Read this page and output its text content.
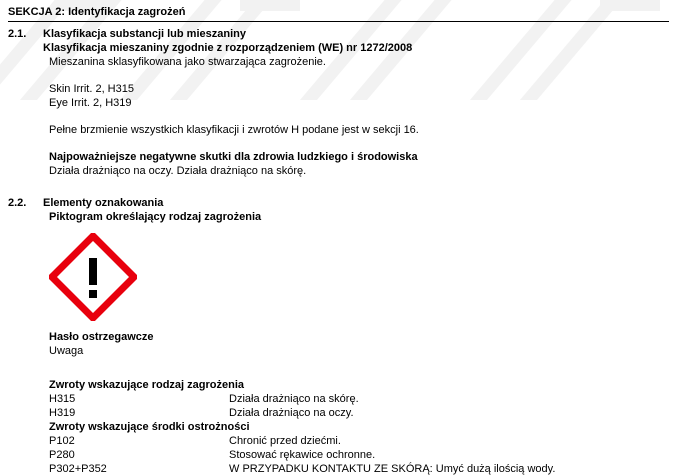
SEKCJA 2: Identyfikacja zagrożeń
2.1.	Klasyfikacja substancji lub mieszaniny
Klasyfikacja mieszaniny zgodnie z rozporządzeniem (WE) nr 1272/2008
Mieszanina sklasyfikowana jako stwarzająca zagrożenie.
Skin Irrit. 2, H315
Eye Irrit. 2, H319
Pełne brzmienie wszystkich klasyfikacji i zwrotów H podane jest w sekcji 16.
Najpoważniejsze negatywne skutki dla zdrowia ludzkiego i środowiska
Działa drażniąco na oczy. Działa drażniąco na skórę.
2.2.	Elementy oznakowania
Piktogram określający rodzaj zagrożenia
Hasło ostrzegawcze
Uwaga
Zwroty wskazujące rodzaj zagrożenia
H315	Działa drażniąco na skórę.
H319	Działa drażniąco na oczy.
Zwroty wskazujące środki ostrożności
P102	Chronić przed dziećmi.
P280	Stosować rękawice ochronne.
P302+P352	W PRZYPADKU KONTAKTU ZE SKÓRĄ: Umyć dużą ilością wody.
